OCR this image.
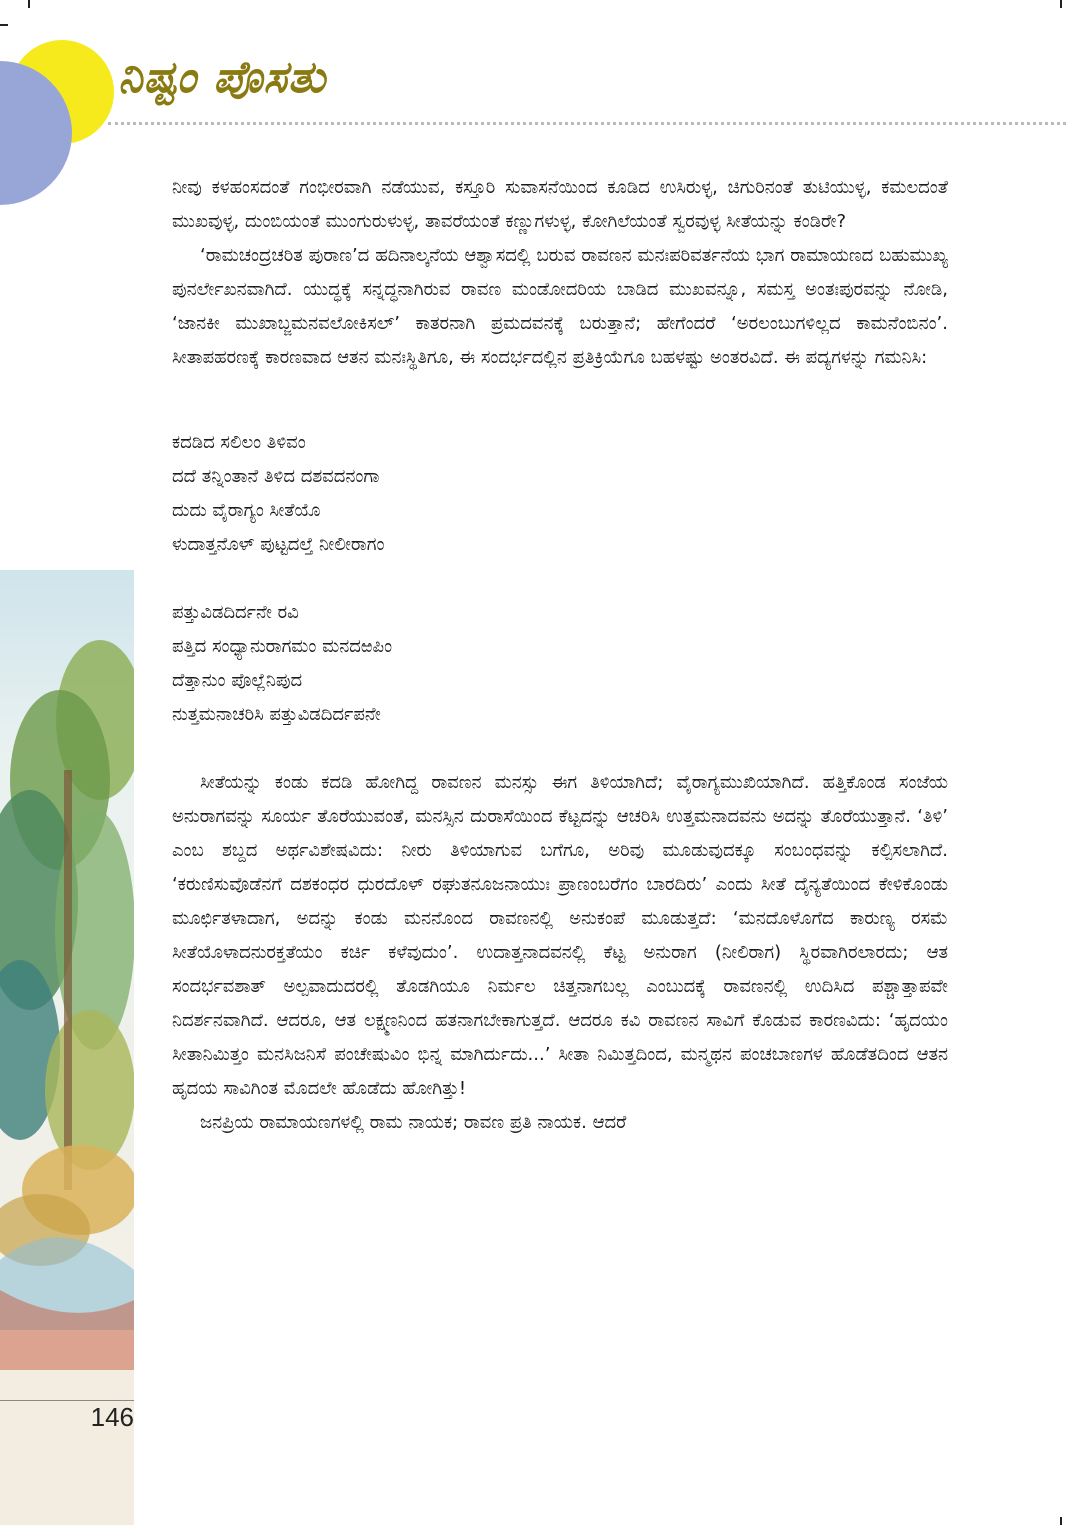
ನಿಷ್ಟಂ ಪೊಸತು
146

ನೀವು ಕಳಹಂಸದಂತೆ ಗಂಭೀರವಾಗಿ ನಡೆಯುವ, ಕಸ್ತೂರಿ ಸುವಾಸನೆಯಿಂದ ಕೂಡಿದ ಉಸಿರುಳ್ಳ, ಚಿಗುರಿನಂತೆ ತುಟಿಯುಳ್ಳ, ಕಮಲದಂತೆ ಮುಖವುಳ್ಳ, ದುಂಬಿಯಂತೆ ಮುಂಗುರುಳುಳ್ಳ, ತಾವರೆಯಂತೆ ಕಣ್ಣುಗಳುಳ್ಳ, ಕೋಗಿಲೆಯಂತೆ ಸ್ವರವುಳ್ಳ ಸೀತೆಯನ್ನು ಕಂಡಿರೇ?

‘ರಾಮಚಂದ್ರಚರಿತ ಪುರಾಣ’ದ ಹದಿನಾಲ್ಕನೆಯ ಆಶ್ವಾಸದಲ್ಲಿ ಬರುವ ರಾವಣನ ಮನಃಪರಿವರ್ತನೆಯ ಭಾಗ ರಾಮಾಯಣದ ಬಹುಮುಖ್ಯ ಪುನರ್ಲೇಖನವಾಗಿದೆ. ಯುದ್ಧಕ್ಕೆ ಸನ್ನದ್ಧನಾಗಿರುವ ರಾವಣ ಮಂಡೋದರಿಯ ಬಾಡಿದ ಮುಖವನ್ನೂ, ಸಮಸ್ತ ಅಂತಃಪುರವನ್ನು ನೋಡಿ, ‘ಜಾನಕೀ ಮುಖಾಬ್ಜಮನವಲೋಕಿಸಲ್’ ಕಾತರನಾಗಿ ಪ್ರಮದವನಕ್ಕೆ ಬರುತ್ತಾನೆ; ಹೇಗೆಂದರೆ ‘ಅರಲಂಬುಗಳಿಲ್ಲದ ಕಾಮನೆಂಬಿನಂ’. ಸೀತಾಪಹರಣಕ್ಕೆ ಕಾರಣವಾದ ಆತನ ಮನಃಸ್ಥಿತಿಗೂ, ಈ ಸಂದರ್ಭದಲ್ಲಿನ ಪ್ರತಿಕ್ರಿಯೆಗೂ ಬಹಳಷ್ಟು ಅಂತರವಿದೆ. ಈ ಪದ್ಯಗಳನ್ನು ಗಮನಿಸಿ:

ಕದಡಿದ ಸಲಿಲಂ ತಿಳಿವಂ
ದದೆ ತನ್ನಿಂತಾನೆ ತಿಳಿದ ದಶವದನಂಗಾ
ದುದು ವೈರಾಗ್ಯಂ ಸೀತೆಯೊ
ಳುದಾತ್ತನೊಳ್ ಪುಟ್ಟದಲ್ತೆ ನೀಲೀರಾಗಂ
ಪತ್ತುವಿಡದಿರ್ದನೇ ರವಿ
ಪತ್ತಿದ ಸಂಧ್ಯಾನುರಾಗಮಂ ಮನದಱಪಿಂ
ದೆತ್ತಾನುಂ ಪೊಲ್ಲೆನಿಪುದ
ನುತ್ತಮನಾಚರಿಸಿ ಪತ್ತುವಿಡದಿರ್ದಪನೇ

ಸೀತೆಯನ್ನು ಕಂಡು ಕದಡಿ ಹೋಗಿದ್ದ ರಾವಣನ ಮನಸ್ಸು ಈಗ ತಿಳಿಯಾಗಿದೆ; ವೈರಾಗ್ಯಮುಖಿಯಾಗಿದೆ. ಹತ್ತಿಕೊಂಡ ಸಂಜೆಯ ಅನುರಾಗವನ್ನು ಸೂರ್ಯ ತೊರೆಯುವಂತೆ, ಮನಸ್ಸಿನ ದುರಾಸೆಯಿಂದ ಕೆಟ್ಟದನ್ನು ಆಚರಿಸಿ ಉತ್ತಮನಾದವನು ಅದನ್ನು ತೊರೆಯುತ್ತಾನೆ. ‘ತಿಳಿ’ ಎಂಬ ಶಬ್ದದ ಅರ್ಥವಿಶೇಷವಿದು: ನೀರು ತಿಳಿಯಾಗುವ ಬಗೆಗೂ, ಅರಿವು ಮೂಡುವುದಕ್ಕೂ ಸಂಬಂಧವನ್ನು ಕಲ್ಪಿಸಲಾಗಿದೆ. ‘ಕರುಣಿಸುವೊಡೆನಗೆ ದಶಕಂಧರ ಧುರದೊಳ್ ರಘುತನೂಜನಾಯುಃ ಪ್ರಾಣಂಬರೆಗಂ ಬಾರದಿರು’ ಎಂದು ಸೀತೆ ದೈನ್ಯತೆಯಿಂದ ಕೇಳಿಕೊಂಡು ಮೂರ್ಛಿತಳಾದಾಗ, ಅದನ್ನು ಕಂಡು ಮನನೊಂದ ರಾವಣನಲ್ಲಿ ಅನುಕಂಪೆ ಮೂಡುತ್ತದೆ: ‘ಮನದೊಳೊಗೆದ ಕಾರುಣ್ಯ ರಸಮೆ ಸೀತೆಯೊಳಾದನುರಕ್ತತೆಯಂ ಕರ್ಚಿ ಕಳೆವುದುಂ’. ಉದಾತ್ತನಾದವನಲ್ಲಿ ಕೆಟ್ಟ ಅನುರಾಗ (ನೀಲಿರಾಗ) ಸ್ಥಿರವಾಗಿರಲಾರದು; ಆತ ಸಂದರ್ಭವಶಾತ್ ಅಲ್ಪವಾದುದರಲ್ಲಿ ತೊಡಗಿಯೂ ನಿರ್ಮಲ ಚಿತ್ತನಾಗಬಲ್ಲ ಎಂಬುದಕ್ಕೆ ರಾವಣನಲ್ಲಿ ಉದಿಸಿದ ಪಶ್ಚಾತ್ತಾಪವೇ ನಿದರ್ಶನವಾಗಿದೆ. ಆದರೂ, ಆತ ಲಕ್ಷ್ಮಣನಿಂದ ಹತನಾಗಬೇಕಾಗುತ್ತದೆ. ಆದರೂ ಕವಿ ರಾವಣನ ಸಾವಿಗೆ ಕೊಡುವ ಕಾರಣವಿದು: ‘ಹೃದಯಂ ಸೀತಾನಿಮಿತ್ತಂ ಮನಸಿಜನಿಸೆ ಪಂಚೇಷುವಿಂ ಭಿನ್ನ ಮಾಗಿರ್ದುದು...’ ಸೀತಾ ನಿಮಿತ್ತದಿಂದ, ಮನ್ಮಥನ ಪಂಚಬಾಣಗಳ ಹೊಡೆತದಿಂದ ಆತನ ಹೃದಯ ಸಾವಿಗಿಂತ ಮೊದಲೇ ಹೊಡೆದು ಹೋಗಿತ್ತು!

ಜನಪ್ರಿಯ ರಾಮಾಯಣಗಳಲ್ಲಿ ರಾಮ ನಾಯಕ; ರಾವಣ ಪ್ರತಿ ನಾಯಕ. ಆದರೆ
